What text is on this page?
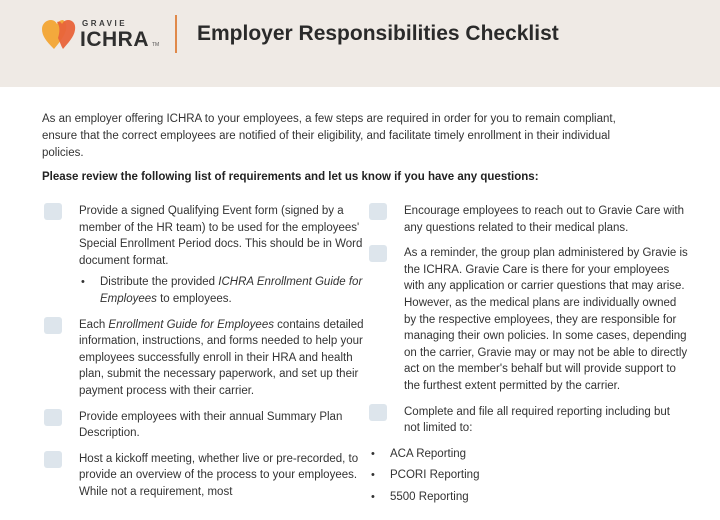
GRAVIE
ICHRA TM Employer Responsibilities Checklist

As an employer offering ICHRA to your employees, a few steps are required in order for you to remain compliant, ensure that the correct employees are notified of their eligibility, and facilitate timely enrollment in their individual policies.

Please review the following list of requirements and let us know if you have any questions:

Provide a signed Qualifying Event form (signed by a member of the HR team) to be used for the employees' Special Enrollment Period docs. This should be in Word document format.

• Distribute the provided ICHRA Enrollment Guide for Employees to employees.

Each Enrollment Guide for Employees contains detailed information, instructions, and forms needed to help your employees successfully enroll in their HRA and health plan, submit the necessary paperwork, and set up their payment process with their carrier.

Provide employees with their annual Summary Plan Description.

Host a kickoff meeting, whether live or pre-recorded, to provide an overview of the process to your employees. While not a requirement, most

Encourage employees to reach out to Gravie Care with any questions related to their medical plans.

As a reminder, the group plan administered by Gravie is the ICHRA. Gravie Care is there for your employees with any application or carrier questions that may arise. However, as the medical plans are individually owned by the respective employees, they are responsible for managing their own policies. In some cases, depending on the carrier, Gravie may or may not be able to directly act on the member's behalf but will provide support to the furthest extent permitted by the carrier.

Complete and file all required reporting including but not limited to:

• ACA Reporting
• PCORI Reporting
• 5500 Reporting
